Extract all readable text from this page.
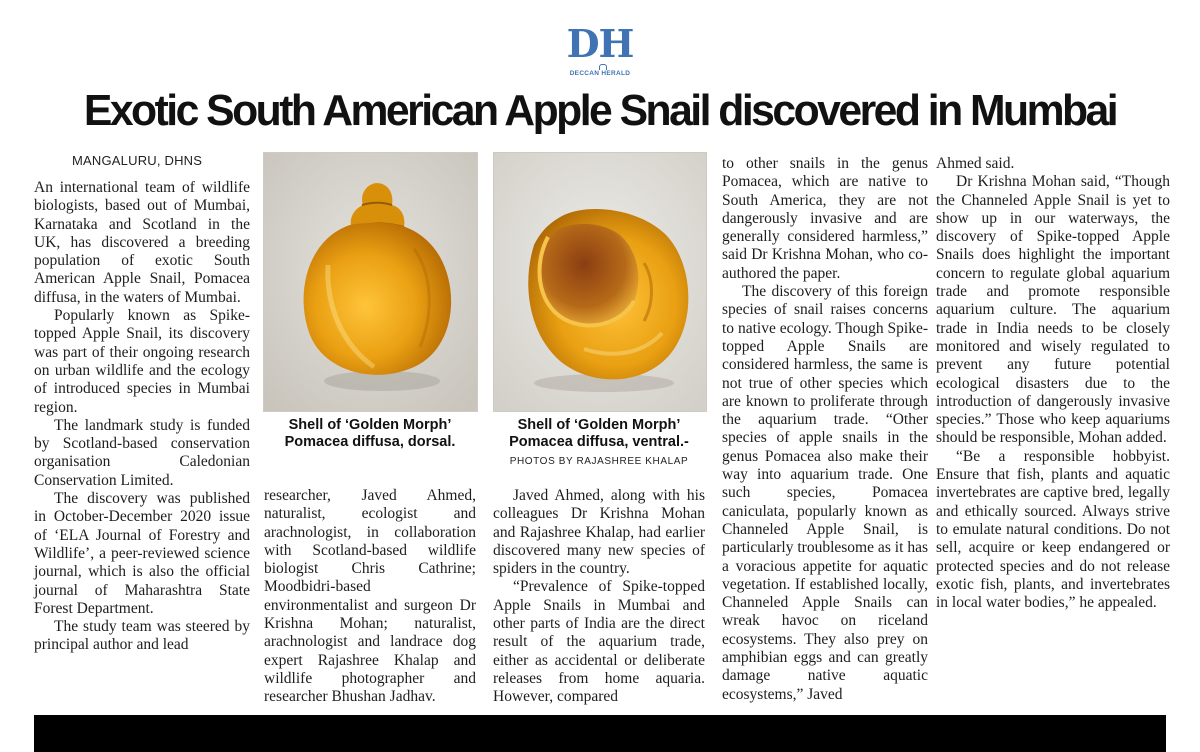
DH
DECCAN HERALD
Exotic South American Apple Snail discovered in Mumbai
MANGALURU, DHNS

An international team of wildlife biologists, based out of Mumbai, Karnataka and Scotland in the UK, has discovered a breeding population of exotic South American Apple Snail, Pomacea diffusa, in the waters of Mumbai.

Popularly known as Spike-topped Apple Snail, its discovery was part of their ongoing research on urban wildlife and the ecology of introduced species in Mumbai region.

The landmark study is funded by Scotland-based conservation organisation Caledonian Conservation Limited.

The discovery was published in October-December 2020 issue of ‘ELA Journal of Forestry and Wildlife’, a peer-reviewed science journal, which is also the official journal of Maharashtra State Forest Department.

The study team was steered by principal author and lead

Shell of ‘Golden Morph’ Pomacea diffusa, dorsal.
Shell of ‘Golden Morph’ Pomacea diffusa, ventral.-
PHOTOS BY RAJASHREE KHALAP

researcher, Javed Ahmed, naturalist, ecologist and arachnologist, in collaboration with Scotland-based wildlife biologist Chris Cathrine; Moodbidri-based environmentalist and surgeon Dr Krishna Mohan; naturalist, arachnologist and landrace dog expert Rajashree Khalap and wildlife photographer and researcher Bhushan Jadhav.

Javed Ahmed, along with his colleagues Dr Krishna Mohan and Rajashree Khalap, had earlier discovered many new species of spiders in the country.

“Prevalence of Spike-topped Apple Snails in Mumbai and other parts of India are the direct result of the aquarium trade, either as accidental or deliberate releases from home aquaria. However, compared

to other snails in the genus Pomacea, which are native to South America, they are not dangerously invasive and are generally considered harmless,” said Dr Krishna Mohan, who co-authored the paper.

The discovery of this foreign species of snail raises concerns to native ecology. Though Spike-topped Apple Snails are considered harmless, the same is not true of other species which are known to proliferate through the aquarium trade. “Other species of apple snails in the genus Pomacea also make their way into aquarium trade. One such species, Pomacea caniculata, popularly known as Channeled Apple Snail, is particularly troublesome as it has a voracious appetite for aquatic vegetation. If established locally, Channeled Apple Snails can wreak havoc on riceland ecosystems. They also prey on amphibian eggs and can greatly damage native aquatic ecosystems,” Javed

Ahmed said.

Dr Krishna Mohan said, “Though the Channeled Apple Snail is yet to show up in our waterways, the discovery of Spike-topped Apple Snails does highlight the important concern to regulate global aquarium trade and promote responsible aquarium culture. The aquarium trade in India needs to be closely monitored and wisely regulated to prevent any future potential ecological disasters due to the introduction of dangerously invasive species.” Those who keep aquariums should be responsible, Mohan added.

“Be a responsible hobbyist. Ensure that fish, plants and aquatic invertebrates are captive bred, legally and ethically sourced. Always strive to emulate natural conditions. Do not sell, acquire or keep endangered or protected species and do not release exotic fish, plants, and invertebrates in local water bodies,” he appealed.
